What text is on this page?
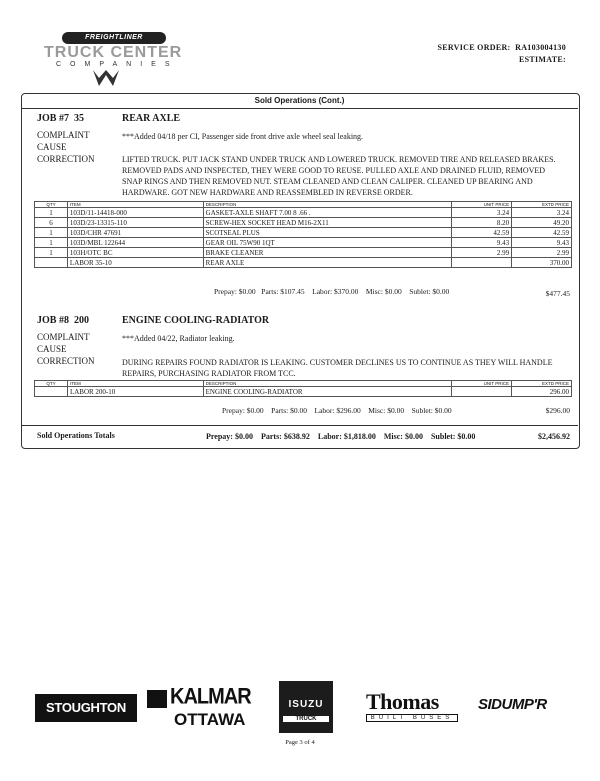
FREIGHTLINER
TRUCK CENTER
COMPANIES
SERVICE ORDER: RA103004130
ESTIMATE:
Sold Operations (Cont.)
JOB #7 35	REAR AXLE
COMPLAINT	***Added 04/18 per CI, Passenger side front drive axle wheel seal leaking.
CAUSE
CORRECTION	LIFTED TRUCK. PUT JACK STAND UNDER TRUCK AND LOWERED TRUCK. REMOVED TIRE AND RELEASED BRAKES. REMOVED PADS AND INSPECTED, THEY WERE GOOD TO REUSE. PULLED AXLE AND DRAINED FLUID, REMOVED SNAP RINGS AND THEN REMOVED NUT. STEAM CLEANED AND CLEAN CALIPER. CLEANED UP BEARING AND HARDWARE. GOT NEW HARDWARE AND REASSEMBLED IN REVERSE ORDER.
QTY	ITEM	DESCRIPTION	UNIT PRICE	EXTD PRICE
1	103D/11-14418-000	GASKET-AXLE SHAFT 7.00 8 .66 .	3.24	3.24
6	103D/23-13315-110	SCREW-HEX SOCKET HEAD M16-2X11	8.20	49.20
1	103D/CHR 47691	SCOTSEAL PLUS	42.59	42.59
1	103D/MBL 122644	GEAR OIL 75W90 1QT	9.43	9.43
1	103H/OTC BC	BRAKE CLEANER	2.99	2.99
	LABOR 35-10	REAR AXLE		370.00
Prepay: $0.00 Parts: $107.45 Labor: $370.00 Misc: $0.00 Sublet: $0.00	$477.45
JOB #8 200	ENGINE COOLING-RADIATOR
COMPLAINT	***Added 04/22, Radiator leaking.
CAUSE
CORRECTION	DURING REPAIRS FOUND RADIATOR IS LEAKING. CUSTOMER DECLINES US TO CONTINUE AS THEY WILL HANDLE REPAIRS, PURCHASING RADIATOR FROM TCC.
QTY	ITEM	DESCRIPTION	UNIT PRICE	EXTD PRICE
	LABOR 200-10	ENGINE COOLING-RADIATOR		296.00
Prepay: $0.00 Parts: $0.00 Labor: $296.00 Misc: $0.00 Sublet: $0.00	$296.00
Sold Operations Totals	Prepay: $0.00 Parts: $638.92 Labor: $1,818.00 Misc: $0.00 Sublet: $0.00	$2,456.92
STOUGHTON	KALMAR
OTTAWA
ISUZU
TRUCK
Thomas
BUILT BUSES
SIDUMP'R
Page 3 of 4
